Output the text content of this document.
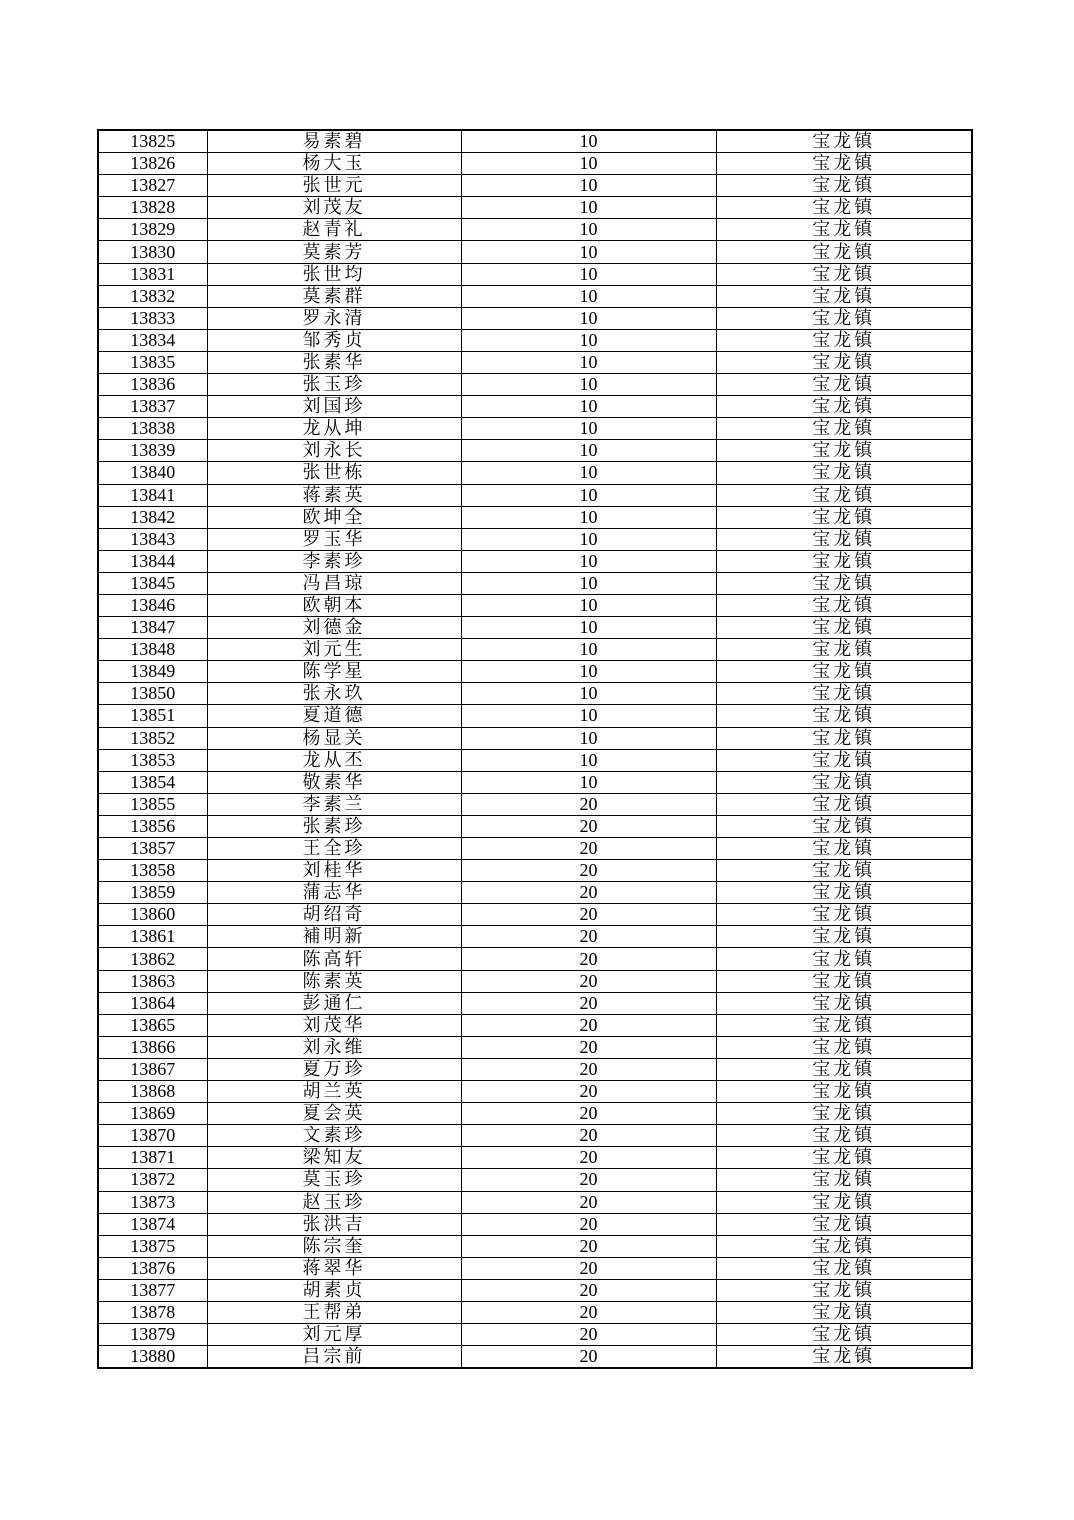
13825	易素碧	10	宝龙镇
13826	杨大玉	10	宝龙镇
13827	张世元	10	宝龙镇
13828	刘茂友	10	宝龙镇
13829	赵青礼	10	宝龙镇
13830	莫素芳	10	宝龙镇
13831	张世均	10	宝龙镇
13832	莫素群	10	宝龙镇
13833	罗永清	10	宝龙镇
13834	邹秀贞	10	宝龙镇
13835	张素华	10	宝龙镇
13836	张玉珍	10	宝龙镇
13837	刘国珍	10	宝龙镇
13838	龙从坤	10	宝龙镇
13839	刘永长	10	宝龙镇
13840	张世栋	10	宝龙镇
13841	蒋素英	10	宝龙镇
13842	欧坤全	10	宝龙镇
13843	罗玉华	10	宝龙镇
13844	李素珍	10	宝龙镇
13845	冯昌琼	10	宝龙镇
13846	欧朝本	10	宝龙镇
13847	刘德金	10	宝龙镇
13848	刘元生	10	宝龙镇
13849	陈学星	10	宝龙镇
13850	张永玖	10	宝龙镇
13851	夏道德	10	宝龙镇
13852	杨显关	10	宝龙镇
13853	龙从丕	10	宝龙镇
13854	敬素华	10	宝龙镇
13855	李素兰	20	宝龙镇
13856	张素珍	20	宝龙镇
13857	王全珍	20	宝龙镇
13858	刘桂华	20	宝龙镇
13859	蒲志华	20	宝龙镇
13860	胡绍奇	20	宝龙镇
13861	補明新	20	宝龙镇
13862	陈高轩	20	宝龙镇
13863	陈素英	20	宝龙镇
13864	彭通仁	20	宝龙镇
13865	刘茂华	20	宝龙镇
13866	刘永维	20	宝龙镇
13867	夏万珍	20	宝龙镇
13868	胡兰英	20	宝龙镇
13869	夏会英	20	宝龙镇
13870	文素珍	20	宝龙镇
13871	梁知友	20	宝龙镇
13872	莫玉珍	20	宝龙镇
13873	赵玉珍	20	宝龙镇
13874	张洪吉	20	宝龙镇
13875	陈宗奎	20	宝龙镇
13876	蒋翠华	20	宝龙镇
13877	胡素贞	20	宝龙镇
13878	王帮弟	20	宝龙镇
13879	刘元厚	20	宝龙镇
13880	吕宗前	20	宝龙镇
